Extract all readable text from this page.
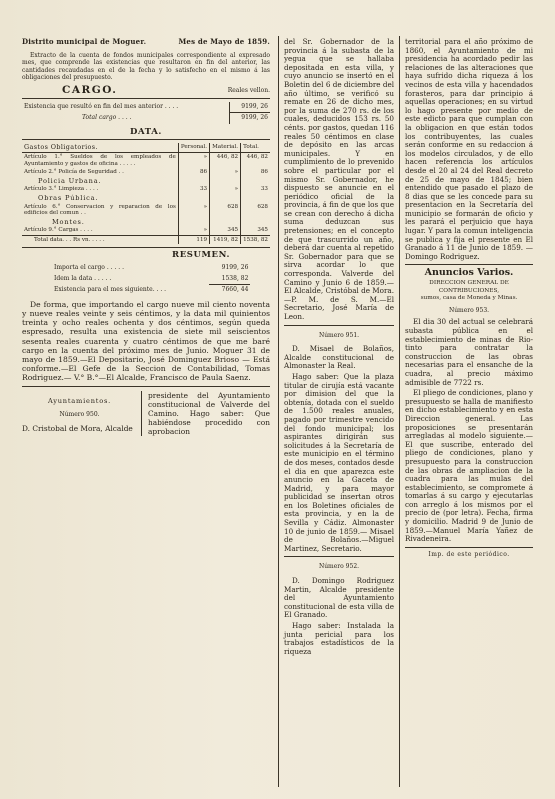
Distrito municipal de Moguer.	Mes de Mayo de 1859.

Extracto de la cuenta de fondos municipales correspondiente al expresado mes, que comprende las existencias que resultaron en fin del anterior, las cantidades recaudadas en el de la fecha y lo satisfecho en el mismo á las obligaciones del presupuesto.

CARGO.	Reales vellon.
Existencia que resultó en fin del mes anterior . . . .	9199, 26
Total cargo . . . .	9199, 26
DATA.
Gastos Obligatorios.	Personal.	Material.	Total.
Artículo 1.° Sueldos de los empleados de Ayuntamiento y gastos de oficina . . . . .	»	446, 82	446, 82
Artículo 2.° Policía de Seguridad . .	86	»	86
Policia Urbana.			
Artículo 3.° Limpieza . . . .	33	»	33
Obras Pública.			
Artículo 6.° Conservacion y reparacion de los edificios del comun . .	»	628	628
Montes.			
Artículo 9.° Cargas . . . .	»	345	345
Total data. . . Rs vn. . . . .	119	1419, 82	1538, 82
RESUMEN.
Importa el cargo . . . . .	9199, 26
Idem la data . . . . .	1538, 82
Existencia para el mes siguiente. . . .	7660, 44

De forma, que importando el cargo nueve mil ciento noventa y nueve reales veinte y seis céntimos, y la data mil quinientos treinta y ocho reales ochenta y dos céntimos, según queda espresado, resulta una existencia de siete mil seiscientos sesenta reales cuarenta y cuatro céntimos de que me baré cargo en la cuenta del próximo mes de Junio. Moguer 31 de mayo de 1859.—El Depositario, José Dominguez Brioso — Está conforme.—El Gefe de la Seccion de Contabilidad, Tomas Rodriguez.— V.° B.°—El Alcalde, Francisco de Paula Saenz.

Ayuntamientos.
Número 950.
D. Cristobal de Mora, Alcalde
presidente del Ayuntamiento constitucional de Valverde del Camino. Hago saber: Que habiéndose procedido con aprobacion

del Sr. Gobernador de la provincia á la subasta de la yegua que se hallaba depositada en esta villa, y cuyo anuncio se insertó en el Boletin del 6 de diciembre del año último, se verificó su remate en 26 de dicho mes, por la suma de 270 rs. de los cuales, deducidos 153 rs. 50 cénts. por gastos, quedan 116 reales 50 céntimos en clase de depósito en las arcas municipales. Y en cumplimiento de lo prevenido sobre el particular por el mismo Sr. Gobernador, he dispuesto se anuncie en el periódico oficial de la provincia, á fin de que los que se crean con derecho á dicha suma deduzcan sus pretensiones; en el concepto de que trascurrido un año, deberá dar cuenta al repetido Sr. Gobernador para que se sirva acordar lo que corresponda. Valverde del Camino y Junio 6 de 1859.—El Alcalde, Cristóbal de Mora. —P. M. de S. M.—El Secretario, José María de Leon.

Número 951.

D. Misael de Bolaños, Alcalde constitucional de Almonaster la Real.

Hago saber: Que la plaza titular de cirujía está vacante por dimision del que la obtenía, dotada con el sueldo de 1.500 reales anuales, pagado por trimestre vencido del fondo municipal; los aspirantes dirigirán sus solicitudes á la Secretaría de este municipio en el término de dos meses, contados desde el dia en que aparezca este anuncio en la Gaceta de Madrid, y para mayor publicidad se insertan otros en los Boletines oficiales de esta provincia, y en la de Sevilla y Cádiz. Almonaster 10 de junio de 1859.— Misael de Bolaños.—Miguel Martinez, Secretario.

Número 952.

D. Domingo Rodriguez Martin, Alcalde presidente del Ayuntamiento constitucional de esta villa de El Granado.

Hago saber: Instalada la junta pericial para los trabajos estadísticos de la riqueza

territorial para el año próximo de 1860, el Ayuntamiento de mi presidencia ha acordado pedir las relaciones de las alteraciones que haya sufrido dicha riqueza á los vecinos de esta villa y hacendados forasteros, para dar principio á aquellas operaciones; en su virtud lo hago presente por medio de este edicto para que cumplan con la obligacion en que están todos los contribuyentes, las cuales serán conforme en su redaccion á los modelos circulados, y de ello hacen referencia los artículos desde el 20 al 24 del Real decreto de 25 de mayo de 1845; bien entendido que pasado el plazo de 8 dias que se les concede para su presentacion en la Secretaría del municipio se formarán de oficio y les parará el perjuicio que haya lugar. Y para la comun inteligencia se publica y fija el presente en El Granado á 11 de Junio de 1859. —Domingo Rodriguez.

Anuncios Varios.
DIRECCION GENERAL DE CONTRIBUCIONES,
sumos, casa de Moneda y Minas.
Número 953.

El dia 30 del actual se celebrará subasta pública en el establecimiento de minas de Rio-tinto para contratar la construccion de las obras necesarias para el ensanche de la cuadra, al precio máximo admisible de 7722 rs.

El pliego de condiciones, plano y presupuesto se halla de manifiesto en dicho establecimiento y en esta Direccion general. Las proposiciones se presentarán arregladas al modelo siguiente.—El que suscribe, enterado del pliego de condiciones, plano y presupuesto para la construccion de las obras de ampliacion de la cuadra para las mulas del establecimiento, se compromete á tomarlas á su cargo y ejecutarlas con arreglo á los mismos por el precio de (por letra). Fecha, firma y domicilio. Madrid 9 de Junio de 1859.—Manuel María Yañez de Rivadeneira.

Imp. de este periódico.
